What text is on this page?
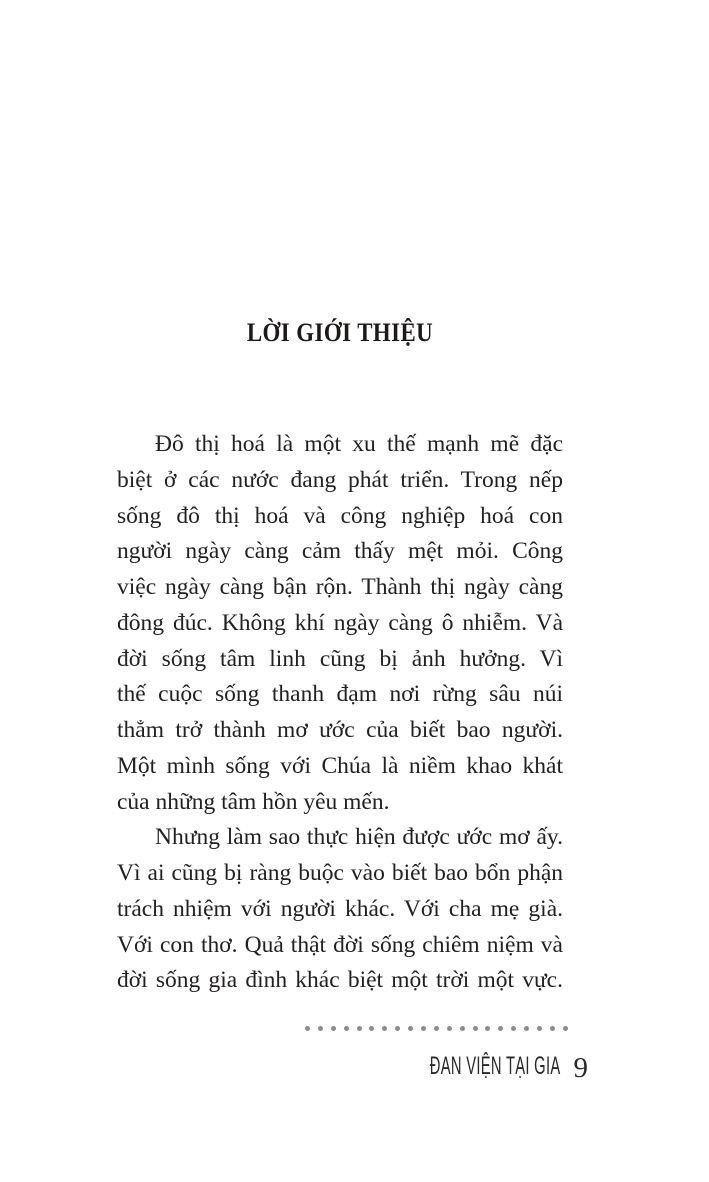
LỜI GIỚI THIỆU
Đô thị hoá là một xu thế mạnh mẽ đặc
biệt ở các nước đang phát triển. Trong nếp
sống đô thị hoá và công nghiệp hoá con
người ngày càng cảm thấy mệt mỏi. Công
việc ngày càng bận rộn. Thành thị ngày càng
đông đúc. Không khí ngày càng ô nhiễm. Và
đời sống tâm linh cũng bị ảnh hưởng. Vì
thế cuộc sống thanh đạm nơi rừng sâu núi
thẳm trở thành mơ ước của biết bao người.
Một mình sống với Chúa là niềm khao khát
của những tâm hồn yêu mến.
Nhưng làm sao thực hiện được ước mơ ấy.
Vì ai cũng bị ràng buộc vào biết bao bổn phận
trách nhiệm với người khác. Với cha mẹ già.
Với con thơ. Quả thật đời sống chiêm niệm và
đời sống gia đình khác biệt một trời một vực.
ĐAN VIỆN TẠI GIA 9
